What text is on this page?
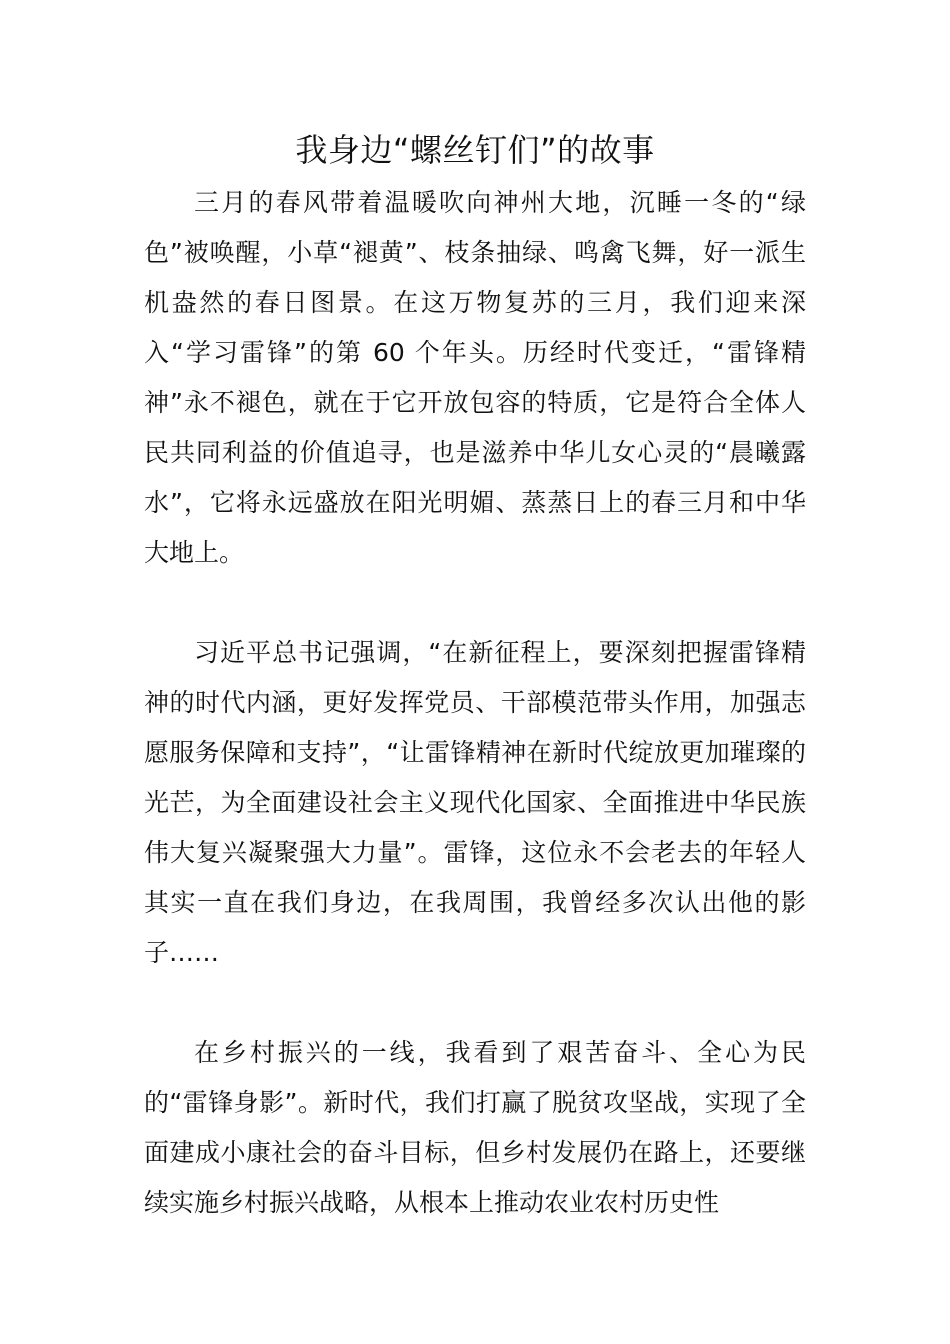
我身边“螺丝钉们”的故事

三月的春风带着温暖吹向神州大地，沉睡一冬的“绿色”被唤醒，小草“褪黄”、枝条抽绿、鸣禽飞舞，好一派生机盎然的春日图景。在这万物复苏的三月，我们迎来深入“学习雷锋”的第 60 个年头。历经时代变迁，“雷锋精神”永不褪色，就在于它开放包容的特质，它是符合全体人民共同利益的价值追寻，也是滋养中华儿女心灵的“晨曦露水”，它将永远盛放在阳光明媚、蒸蒸日上的春三月和中华大地上。

习近平总书记强调，“在新征程上，要深刻把握雷锋精神的时代内涵，更好发挥党员、干部模范带头作用，加强志愿服务保障和支持”，“让雷锋精神在新时代绽放更加璀璨的光芒，为全面建设社会主义现代化国家、全面推进中华民族伟大复兴凝聚强大力量”。雷锋，这位永不会老去的年轻人其实一直在我们身边，在我周围，我曾经多次认出他的影子……

在乡村振兴的一线，我看到了艰苦奋斗、全心为民的“雷锋身影”。新时代，我们打赢了脱贫攻坚战，实现了全面建成小康社会的奋斗目标，但乡村发展仍在路上，还要继续实施乡村振兴战略，从根本上推动农业农村历史性
